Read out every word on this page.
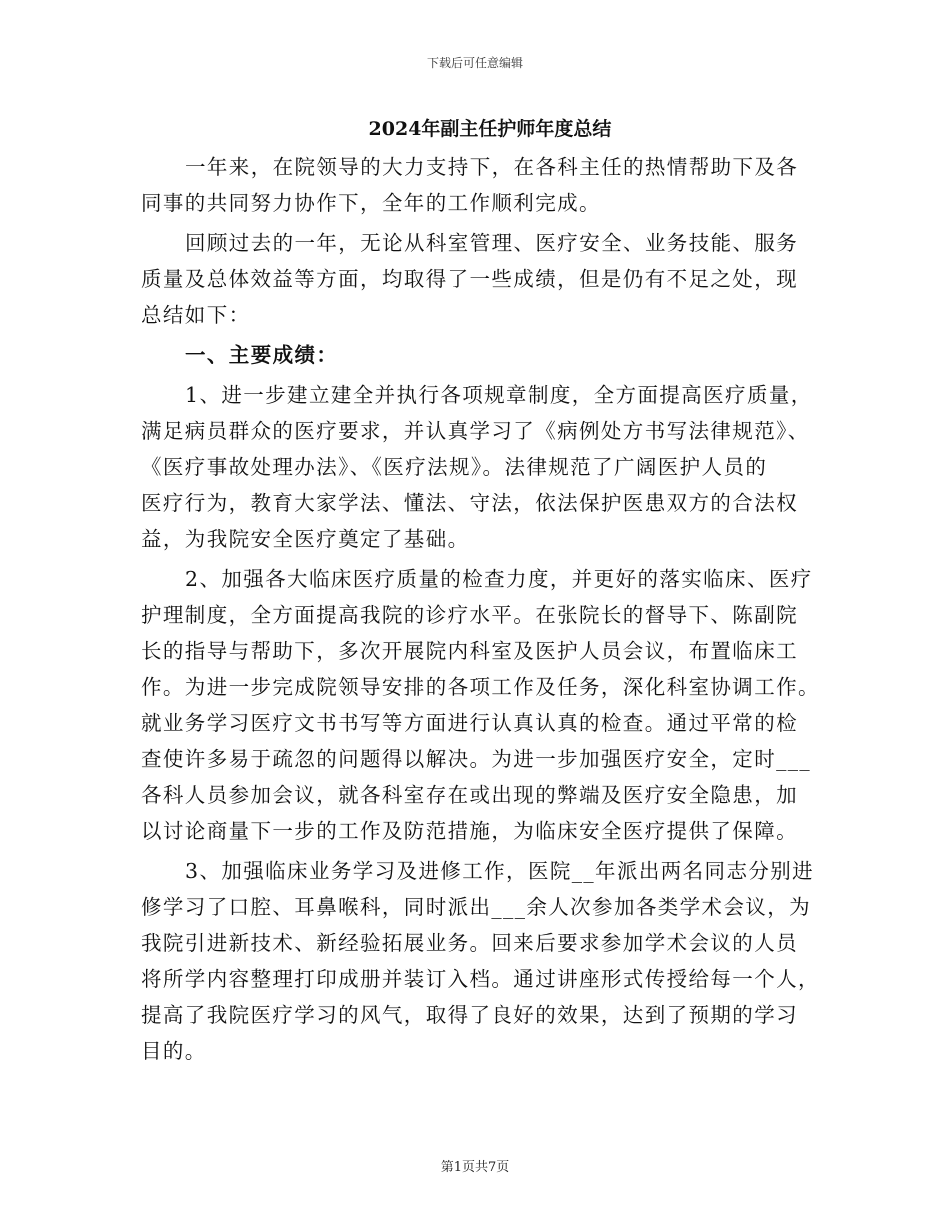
下载后可任意编辑
2024年副主任护师年度总结
一年来，在院领导的大力支持下，在各科主任的热情帮助下及各
同事的共同努力协作下，全年的工作顺利完成。
回顾过去的一年，无论从科室管理、医疗安全、业务技能、服务
质量及总体效益等方面，均取得了一些成绩，但是仍有不足之处，现
总结如下：
一、主要成绩：
1、进一步建立建全并执行各项规章制度，全方面提高医疗质量，
满足病员群众的医疗要求，并认真学习了《病例处方书写法律规范》、
《医疗事故处理办法》、《医疗法规》。法律规范了广阔医护人员的
医疗行为，教育大家学法、懂法、守法，依法保护医患双方的合法权
益，为我院安全医疗奠定了基础。
2、加强各大临床医疗质量的检查力度，并更好的落实临床、医疗
护理制度，全方面提高我院的诊疗水平。在张院长的督导下、陈副院
长的指导与帮助下，多次开展院内科室及医护人员会议，布置临床工
作。为进一步完成院领导安排的各项工作及任务，深化科室协调工作。
就业务学习医疗文书书写等方面进行认真认真的检查。通过平常的检
查使许多易于疏忽的问题得以解决。为进一步加强医疗安全，定时___
各科人员参加会议，就各科室存在或出现的弊端及医疗安全隐患，加
以讨论商量下一步的工作及防范措施，为临床安全医疗提供了保障。
3、加强临床业务学习及进修工作，医院__年派出两名同志分别进
修学习了口腔、耳鼻喉科，同时派出___余人次参加各类学术会议，为
我院引进新技术、新经验拓展业务。回来后要求参加学术会议的人员
将所学内容整理打印成册并装订入档。通过讲座形式传授给每一个人，
提高了我院医疗学习的风气，取得了良好的效果，达到了预期的学习
目的。
第1页共7页
